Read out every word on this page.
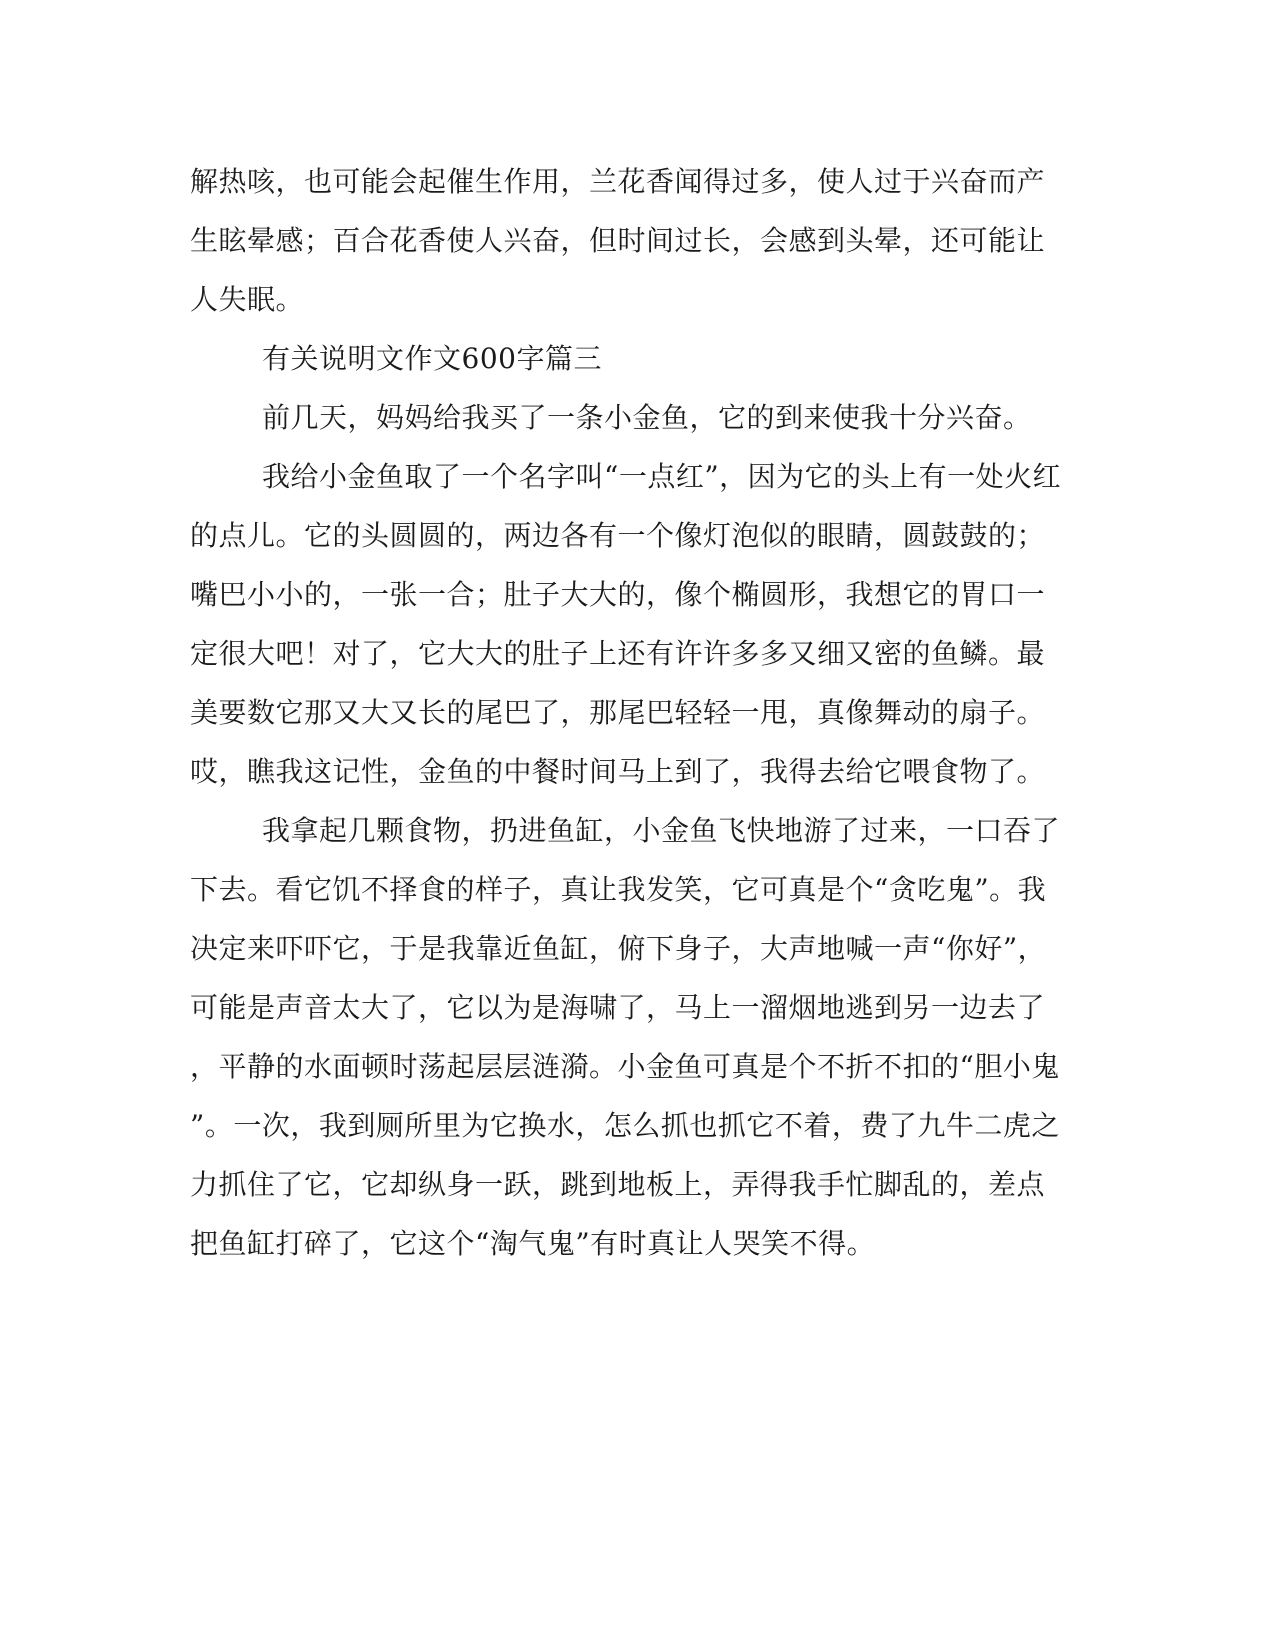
解热咳，也可能会起催生作用，兰花香闻得过多，使人过于兴奋而产
生眩晕感；百合花香使人兴奋，但时间过长，会感到头晕，还可能让
人失眠。
有关说明文作文600字篇三
前几天，妈妈给我买了一条小金鱼，它的到来使我十分兴奋。
我给小金鱼取了一个名字叫“一点红”，因为它的头上有一处火红
的点儿。它的头圆圆的，两边各有一个像灯泡似的眼睛，圆鼓鼓的；
嘴巴小小的，一张一合；肚子大大的，像个椭圆形，我想它的胃口一
定很大吧！对了，它大大的肚子上还有许许多多又细又密的鱼鳞。最
美要数它那又大又长的尾巴了，那尾巴轻轻一甩，真像舞动的扇子。
哎，瞧我这记性，金鱼的中餐时间马上到了，我得去给它喂食物了。
我拿起几颗食物，扔进鱼缸，小金鱼飞快地游了过来，一口吞了
下去。看它饥不择食的样子，真让我发笑，它可真是个“贪吃鬼”。我
决定来吓吓它，于是我靠近鱼缸，俯下身子，大声地喊一声“你好”，
可能是声音太大了，它以为是海啸了，马上一溜烟地逃到另一边去了
，平静的水面顿时荡起层层涟漪。小金鱼可真是个不折不扣的“胆小鬼
”。一次，我到厕所里为它换水，怎么抓也抓它不着，费了九牛二虎之
力抓住了它，它却纵身一跃，跳到地板上，弄得我手忙脚乱的，差点
把鱼缸打碎了，它这个“淘气鬼”有时真让人哭笑不得。
